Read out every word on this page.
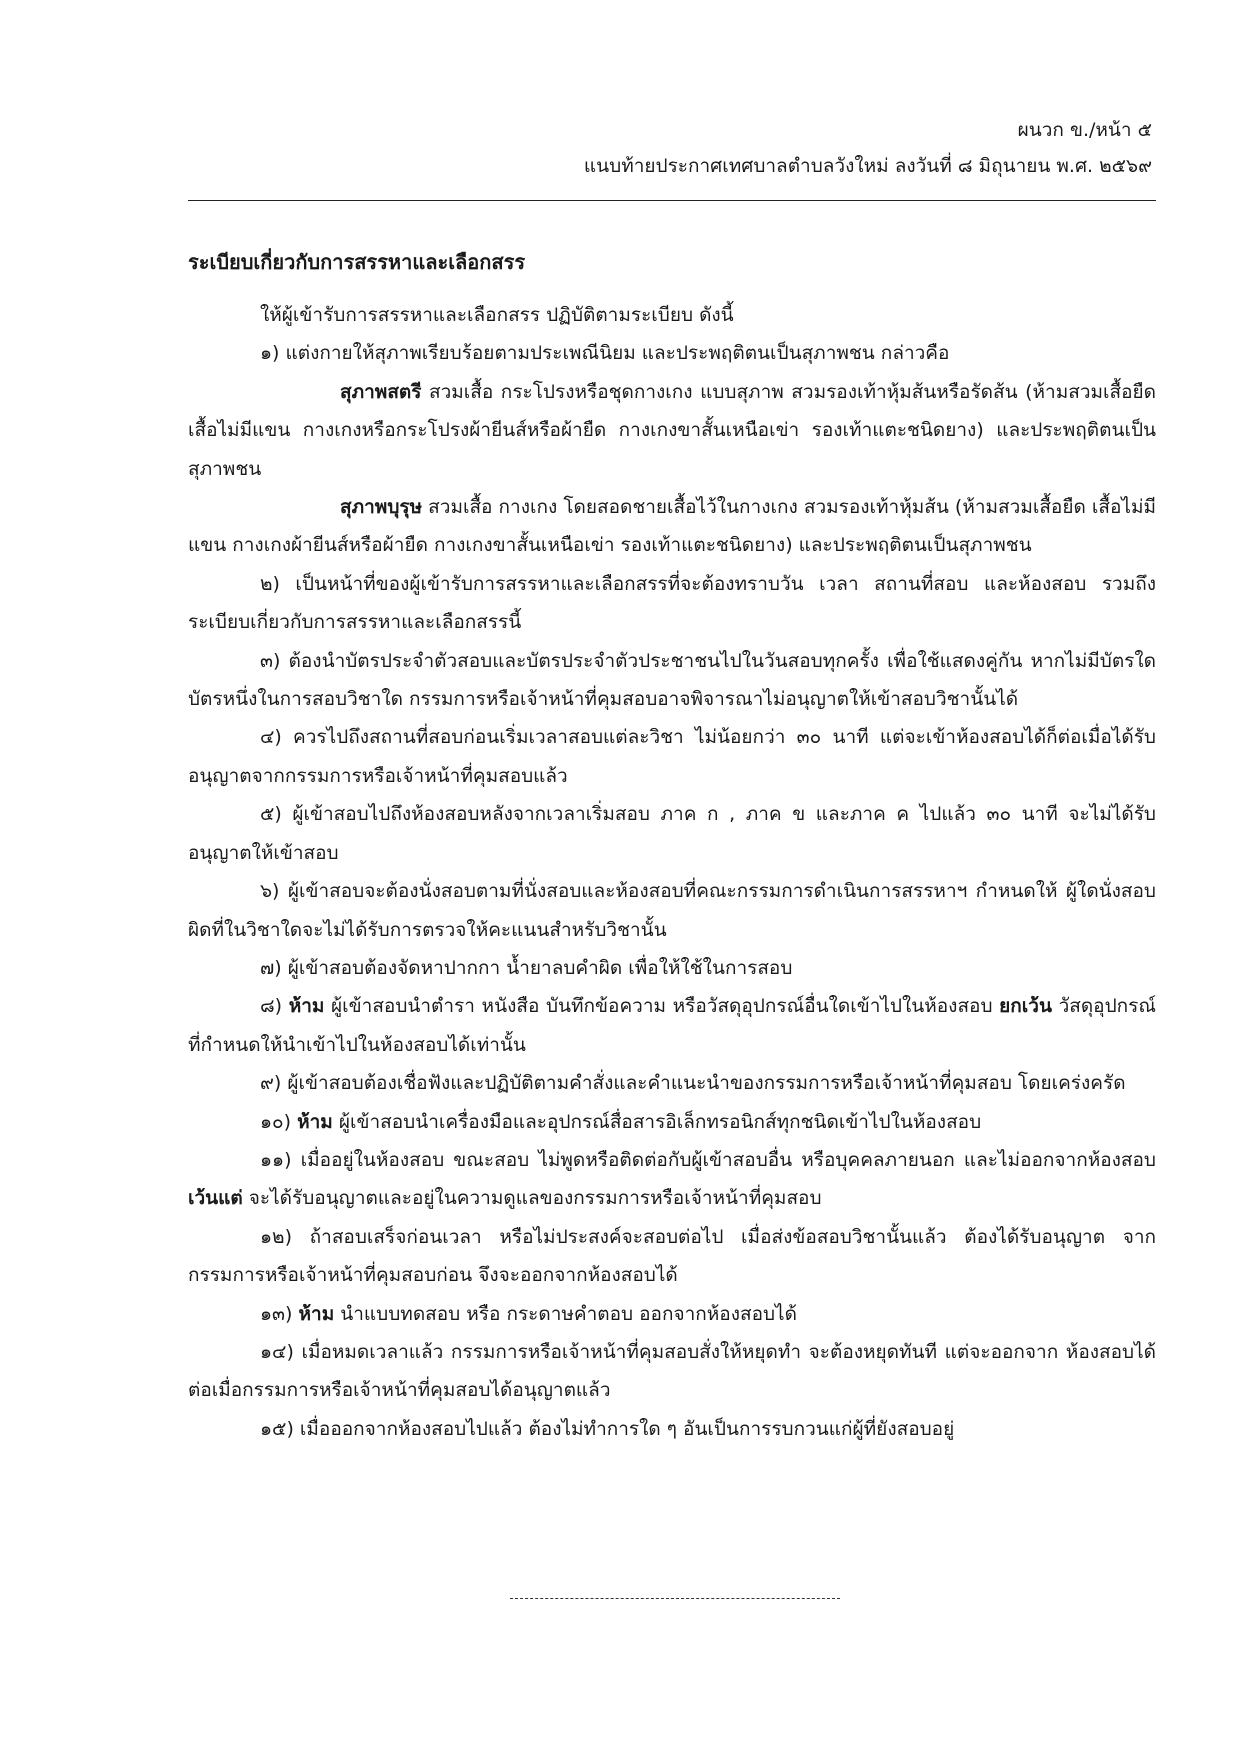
ผนวก ข./หน้า ๕
แนบท้ายประกาศเทศบาลตำบลวังใหม่ ลงวันที่ ๘ มิถุนายน พ.ศ. ๒๕๖๙
ระเบียบเกี่ยวกับการสรรหาและเลือกสรร

ให้ผู้เข้ารับการสรรหาและเลือกสรร ปฏิบัติตามระเบียบ ดังนี้

๑) แต่งกายให้สุภาพเรียบร้อยตามประเพณีนิยม และประพฤติตนเป็นสุภาพชน กล่าวคือ

สุภาพสตรี สวมเสื้อ กระโปรงหรือชุดกางเกง แบบสุภาพ สวมรองเท้าหุ้มส้นหรือรัดส้น (ห้ามสวมเสื้อยืด เสื้อไม่มีแขน กางเกงหรือกระโปรงผ้ายีนส์หรือผ้ายืด กางเกงขาสั้นเหนือเข่า รองเท้าแตะชนิดยาง) และประพฤติตนเป็นสุภาพชน

สุภาพบุรุษ สวมเสื้อ กางเกง โดยสอดชายเสื้อไว้ในกางเกง สวมรองเท้าหุ้มส้น (ห้ามสวมเสื้อยืด เสื้อไม่มีแขน กางเกงผ้ายีนส์หรือผ้ายืด กางเกงขาสั้นเหนือเข่า รองเท้าแตะชนิดยาง) และประพฤติตนเป็นสุภาพชน

๒) เป็นหน้าที่ของผู้เข้ารับการสรรหาและเลือกสรรที่จะต้องทราบวัน เวลา สถานที่สอบ และห้องสอบ รวมถึงระเบียบเกี่ยวกับการสรรหาและเลือกสรรนี้

๓) ต้องนำบัตรประจำตัวสอบและบัตรประจำตัวประชาชนไปในวันสอบทุกครั้ง เพื่อใช้แสดงคู่กัน หากไม่มีบัตรใดบัตรหนึ่งในการสอบวิชาใด กรรมการหรือเจ้าหน้าที่คุมสอบอาจพิจารณาไม่อนุญาตให้เข้าสอบวิชานั้นได้

๔) ควรไปถึงสถานที่สอบก่อนเริ่มเวลาสอบแต่ละวิชา ไม่น้อยกว่า ๓๐ นาที แต่จะเข้าห้องสอบได้ก็ต่อเมื่อได้รับอนุญาตจากกรรมการหรือเจ้าหน้าที่คุมสอบแล้ว

๕) ผู้เข้าสอบไปถึงห้องสอบหลังจากเวลาเริ่มสอบ ภาค ก , ภาค ข และภาค ค ไปแล้ว ๓๐ นาที จะไม่ได้รับอนุญาตให้เข้าสอบ

๖) ผู้เข้าสอบจะต้องนั่งสอบตามที่นั่งสอบและห้องสอบที่คณะกรรมการดำเนินการสรรหาฯ กำหนดให้ ผู้ใดนั่งสอบผิดที่ในวิชาใดจะไม่ได้รับการตรวจให้คะแนนสำหรับวิชานั้น

๗) ผู้เข้าสอบต้องจัดหาปากกา น้ำยาลบคำผิด เพื่อให้ใช้ในการสอบ

๘) ห้าม ผู้เข้าสอบนำตำรา หนังสือ บันทึกข้อความ หรือวัสดุอุปกรณ์อื่นใดเข้าไปในห้องสอบ ยกเว้น วัสดุอุปกรณ์ที่กำหนดให้นำเข้าไปในห้องสอบได้เท่านั้น

๙) ผู้เข้าสอบต้องเชื่อฟังและปฏิบัติตามคำสั่งและคำแนะนำของกรรมการหรือเจ้าหน้าที่คุมสอบ โดยเคร่งครัด

๑๐) ห้าม ผู้เข้าสอบนำเครื่องมือและอุปกรณ์สื่อสารอิเล็กทรอนิกส์ทุกชนิดเข้าไปในห้องสอบ

๑๑) เมื่ออยู่ในห้องสอบ ขณะสอบ ไม่พูดหรือติดต่อกับผู้เข้าสอบอื่น หรือบุคคลภายนอก และไม่ออกจากห้องสอบ เว้นแต่ จะได้รับอนุญาตและอยู่ในความดูแลของกรรมการหรือเจ้าหน้าที่คุมสอบ

๑๒) ถ้าสอบเสร็จก่อนเวลา หรือไม่ประสงค์จะสอบต่อไป เมื่อส่งข้อสอบวิชานั้นแล้ว ต้องได้รับอนุญาต จากกรรมการหรือเจ้าหน้าที่คุมสอบก่อน จึงจะออกจากห้องสอบได้

๑๓) ห้าม นำแบบทดสอบ หรือ กระดาษคำตอบ ออกจากห้องสอบได้

๑๔) เมื่อหมดเวลาแล้ว กรรมการหรือเจ้าหน้าที่คุมสอบสั่งให้หยุดทำ จะต้องหยุดทันที แต่จะออกจาก ห้องสอบได้ต่อเมื่อกรรมการหรือเจ้าหน้าที่คุมสอบได้อนุญาตแล้ว

๑๕) เมื่อออกจากห้องสอบไปแล้ว ต้องไม่ทำการใด ๆ อันเป็นการรบกวนแก่ผู้ที่ยังสอบอยู่
